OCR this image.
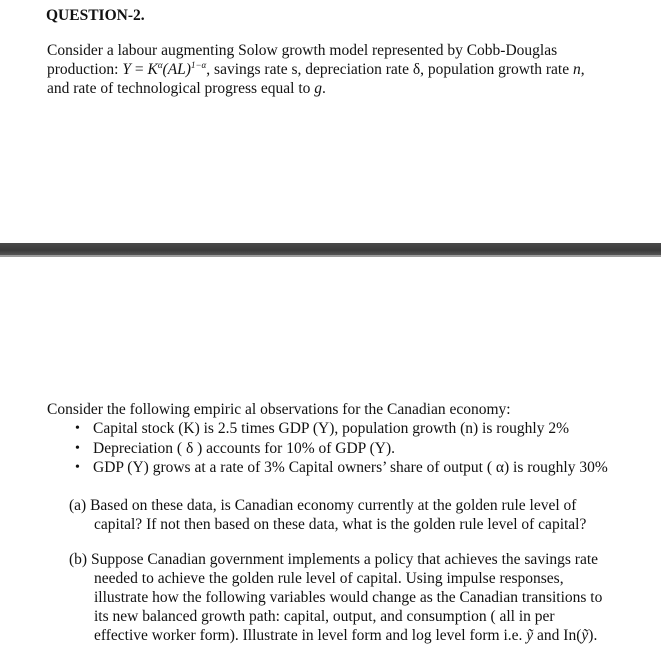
QUESTION-2.

Consider a labour augmenting Solow growth model represented by Cobb-Douglas
production: $Y = K^\alpha(AL)^{1-\alpha}$, savings rate s, depreciation rate δ, population growth rate n,
and rate of technological progress equal to g.

Consider the following empiric al observations for the Canadian economy:
• Capital stock (K) is 2.5 times GDP (Y), population growth (n) is roughly 2%
• Depreciation ( δ ) accounts for 10% of GDP (Y).
• GDP (Y) grows at a rate of 3% Capital owners’ share of output ( α) is roughly 30%

(a) Based on these data, is Canadian economy currently at the golden rule level of
capital? If not then based on these data, what is the golden rule level of capital?

(b) Suppose Canadian government implements a policy that achieves the savings rate
needed to achieve the golden rule level of capital. Using impulse responses,
illustrate how the following variables would change as the Canadian transitions to
its new balanced growth path: capital, output, and consumption ( all in per
effective worker form). Illustrate in level form and log level form i.e. ỹ and In(ỹ).
